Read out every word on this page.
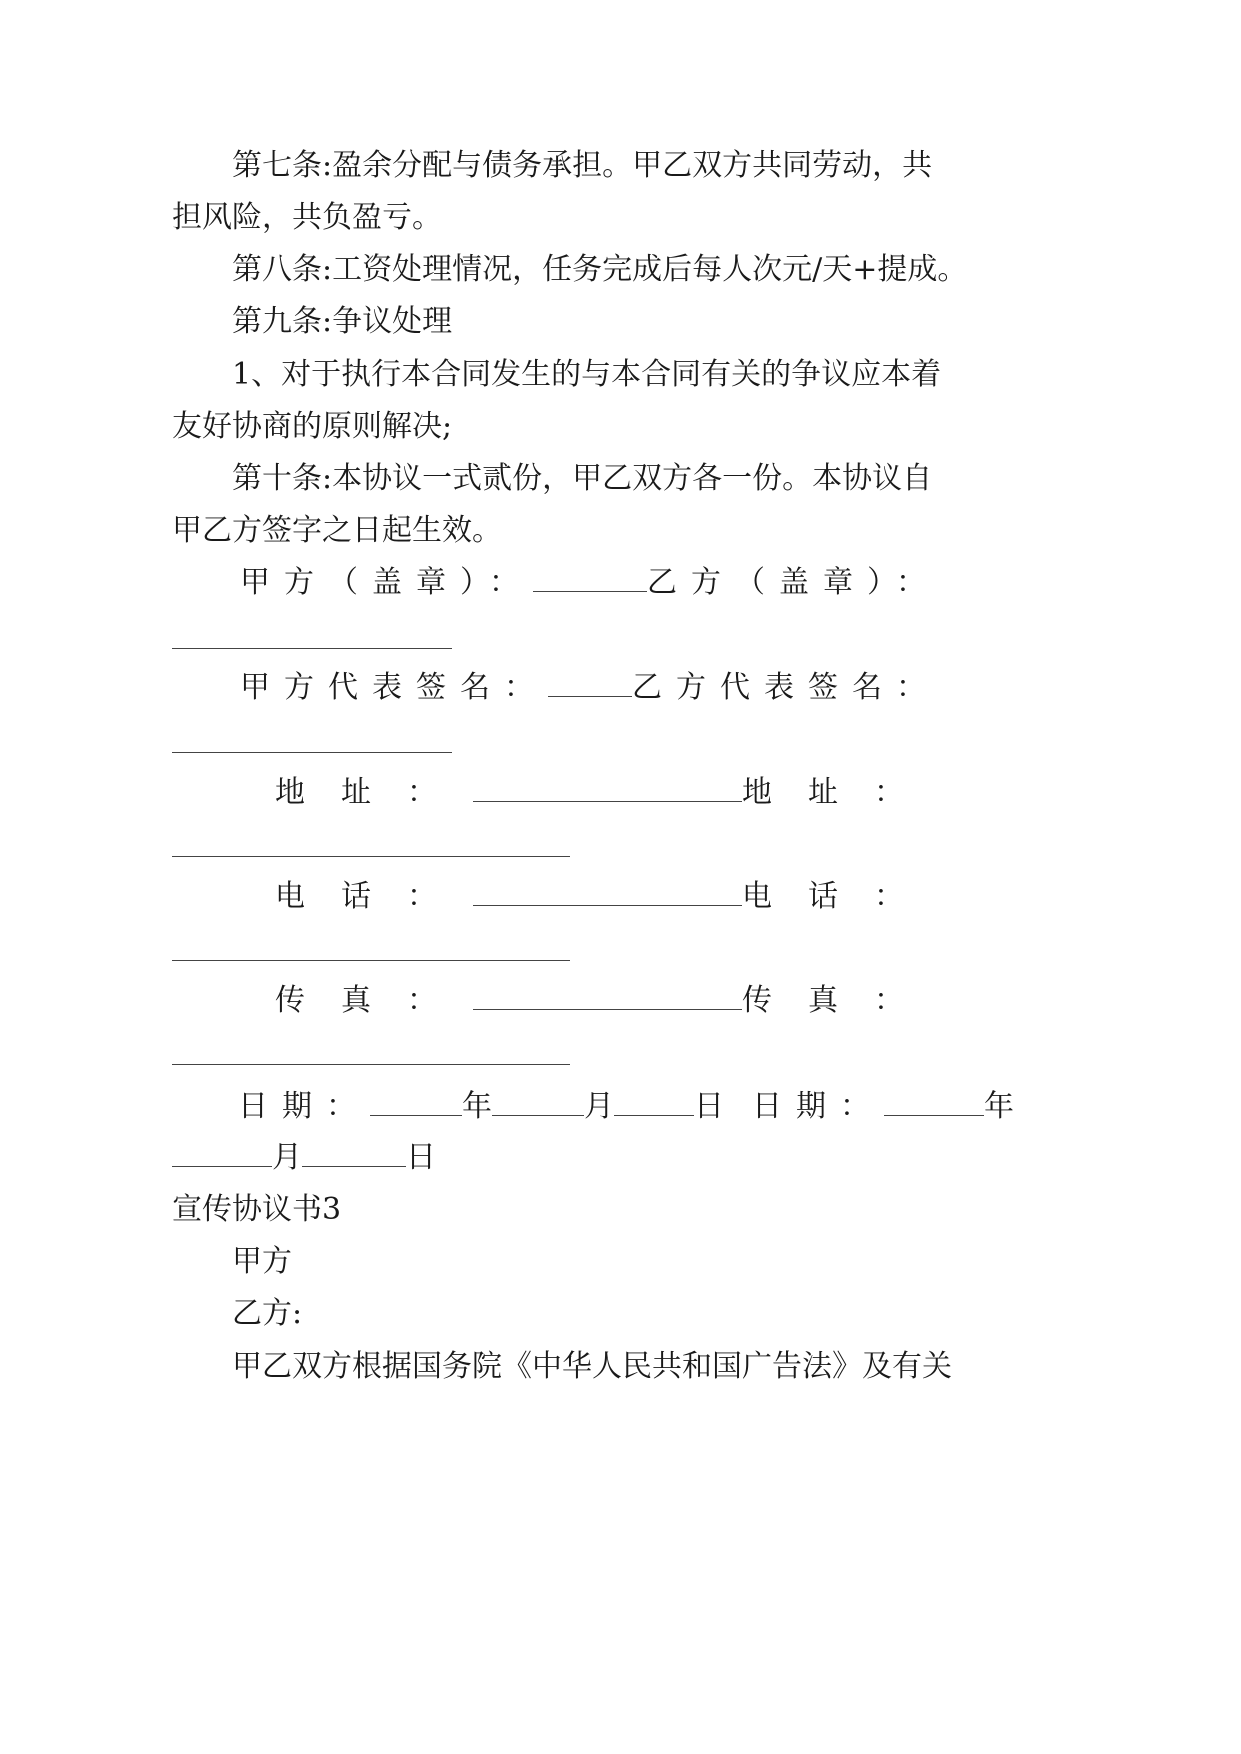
第七条:盈余分配与债务承担。甲乙双方共同劳动，共
担风险，共负盈亏。
第八条:工资处理情况，任务完成后每人次元/天+提成。
第九条:争议处理
1、对于执行本合同发生的与本合同有关的争议应本着
友好协商的原则解决;
第十条:本协议一式贰份，甲乙双方各一份。本协议自
甲乙方签字之日起生效。
甲方（盖章）：	乙方（盖章）：
甲方代表签名：	乙方代表签名：
地址：	地址：
电话：	电话：
传真：	传真：
日期：	年	月	日 日期：	年
月	日
宣传协议书3
甲方
乙方:
甲乙双方根据国务院《中华人民共和国广告法》及有关
